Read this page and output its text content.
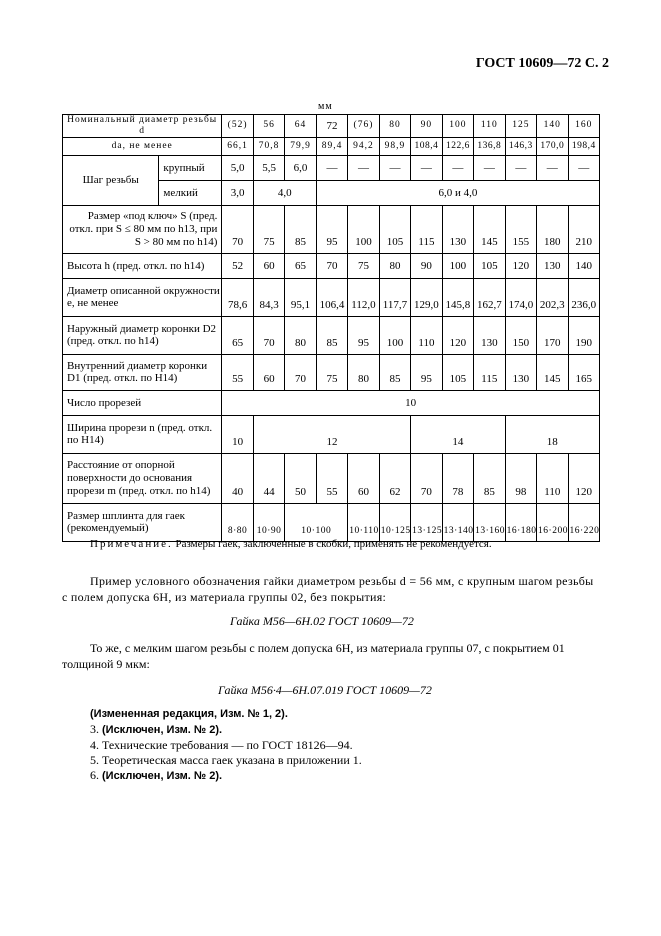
ГОСТ 10609—72 С. 2
мм
Номинальный диаметр резьбы d		(52)	56	64	72	(76)	80	90	100	110	125	140	160
da, не менее		66,1	70,8	79,9	89,4	94,2	98,9	108,4	122,6	136,8	146,3	170,0	198,4
Шаг резьбы	крупный	5,0	5,5	6,0	—	—	—	—	—	—	—	—	—
	мелкий	3,0	4,0		6,0 и 4,0								
Размер «под ключ» S (пред. откл. при S ≤ 80 мм по h13, при S > 80 мм по h14)		70	75	85	95	100	105	115	130	145	155	180	210
Высота h (пред. откл. по h14)		52	60	65	70	75	80	90	100	105	120	130	140
Диаметр описанной окружности e, не менее		78,6	84,3	95,1	106,4	112,0	117,7	129,0	145,8	162,7	174,0	202,3	236,0
Наружный диаметр коронки D2 (пред. откл. по h14)		65	70	80	85	95	100	110	120	130	150	170	190
Внутренний диаметр коронки D1 (пред. откл. по H14)		55	60	70	75	80	85	95	105	115	130	145	165
Число прорезей		10											
Ширина прорези n (пред. откл. по H14)		10	12					14			18		
Расстояние от опорной поверхности до основания прорези m (пред. откл. по h14)		40	44	50	55	60	62	70	78	85	98	110	120
Размер шплинта для гаек (рекомендуемый)		8·80	10·90	10·100		10·110	10·125	13·125	13·140	13·160	16·180	16·200	16·220
Примечание. Размеры гаек, заключенные в скобки, применять не рекомендуется.
Пример условного обозначения гайки диаметром резьбы d = 56 мм, с крупным шагом резьбы с полем допуска 6H, из материала группы 02, без покрытия:
Гайка М56—6Н.02 ГОСТ 10609—72
То же, с мелким шагом резьбы с полем допуска 6Н, из материала группы 07, с покрытием 01 толщиной 9 мкм:
Гайка М56·4—6Н.07.019 ГОСТ 10609—72
(Измененная редакция, Изм. № 1, 2).
3. (Исключен, Изм. № 2).
4. Технические требования — по ГОСТ 18126—94.
5. Теоретическая масса гаек указана в приложении 1.
6. (Исключен, Изм. № 2).
